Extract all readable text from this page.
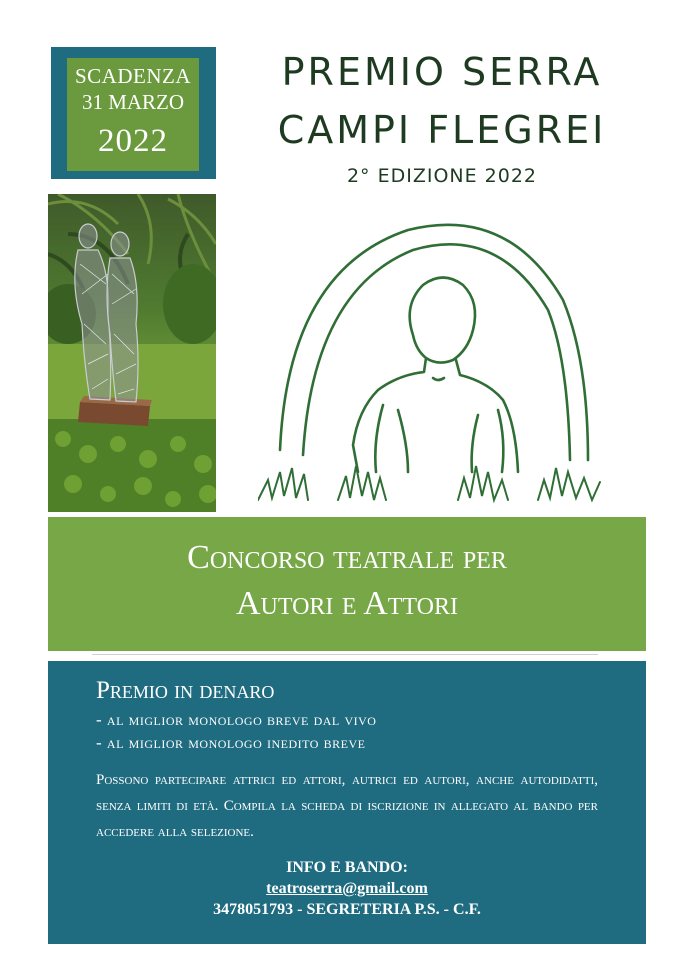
SCADENZA
31 MARZO
2022
PREMIO SERRA
CAMPI FLEGREI
2° EDIZIONE 2022
Concorso teatrale per
Autori e Attori
Premio in denaro
- al miglior monologo breve dal vivo
- al miglior monologo inedito breve
Possono partecipare attrici ed attori, autrici ed autori, anche autodidatti, senza limiti di età. Compila la scheda di iscrizione in allegato al bando per accedere alla selezione.
INFO E BANDO:
teatroserra@gmail.com
3478051793 - SEGRETERIA P.S. - C.F.
